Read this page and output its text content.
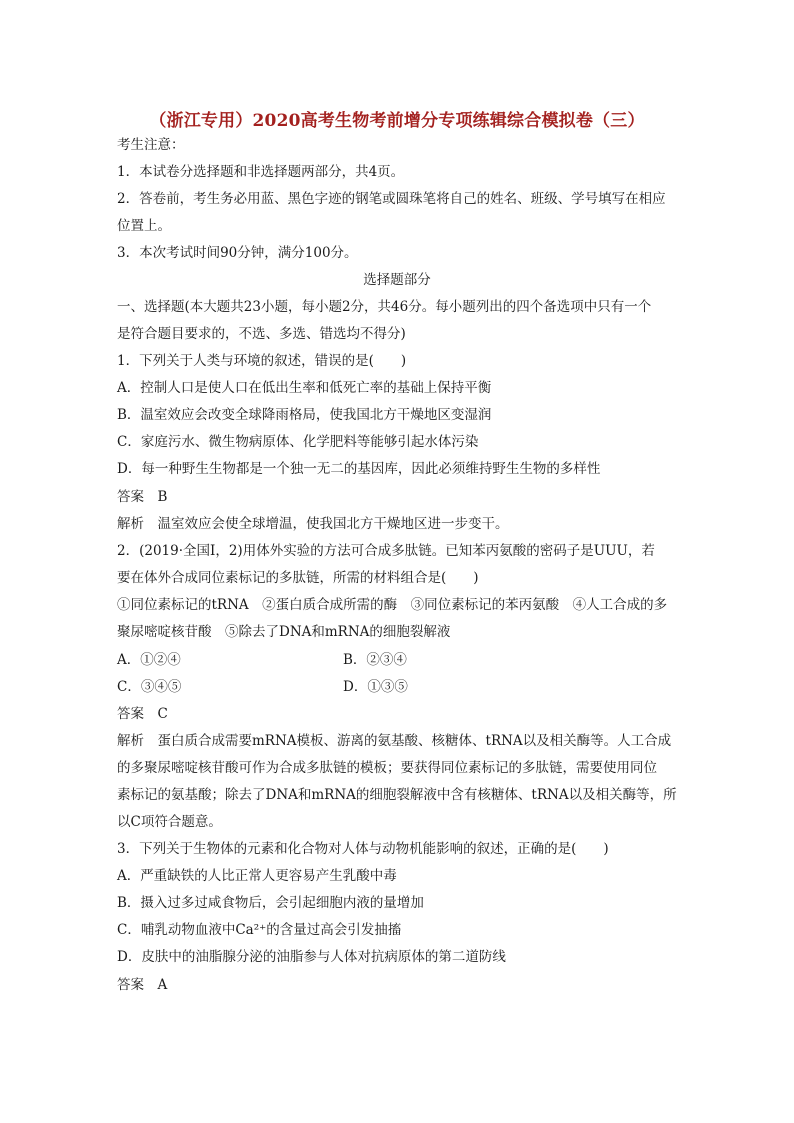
（浙江专用）2020高考生物考前增分专项练辑综合模拟卷（三）
考生注意：
1．本试卷分选择题和非选择题两部分，共4页。
2．答卷前，考生务必用蓝、黑色字迹的钢笔或圆珠笔将自己的姓名、班级、学号填写在相应
位置上。
3．本次考试时间90分钟，满分100分。
选择题部分
一、选择题(本大题共23小题，每小题2分，共46分。每小题列出的四个备选项中只有一个
是符合题目要求的，不选、多选、错选均不得分)
1．下列关于人类与环境的叙述，错误的是(　　)
A．控制人口是使人口在低出生率和低死亡率的基础上保持平衡
B．温室效应会改变全球降雨格局，使我国北方干燥地区变湿润
C．家庭污水、微生物病原体、化学肥料等能够引起水体污染
D．每一种野生生物都是一个独一无二的基因库，因此必须维持野生生物的多样性
答案　B
解析　温室效应会使全球增温，使我国北方干燥地区进一步变干。
2．(2019·全国Ⅰ，2)用体外实验的方法可合成多肽链。已知苯丙氨酸的密码子是UUU，若
要在体外合成同位素标记的多肽链，所需的材料组合是(　　)
①同位素标记的tRNA　②蛋白质合成所需的酶　③同位素标记的苯丙氨酸　④人工合成的多
聚尿嘧啶核苷酸　⑤除去了DNA和mRNA的细胞裂解液
A．①②④	B．②③④
C．③④⑤	D．①③⑤
答案　C
解析　蛋白质合成需要mRNA模板、游离的氨基酸、核糖体、tRNA以及相关酶等。人工合成
的多聚尿嘧啶核苷酸可作为合成多肽链的模板；要获得同位素标记的多肽链，需要使用同位
素标记的氨基酸；除去了DNA和mRNA的细胞裂解液中含有核糖体、tRNA以及相关酶等，所
以C项符合题意。
3．下列关于生物体的元素和化合物对人体与动物机能影响的叙述，正确的是(　　)
A．严重缺铁的人比正常人更容易产生乳酸中毒
B．摄入过多过咸食物后，会引起细胞内液的量增加
C．哺乳动物血液中Ca²⁺的含量过高会引发抽搐
D．皮肤中的油脂腺分泌的油脂参与人体对抗病原体的第二道防线
答案　A
